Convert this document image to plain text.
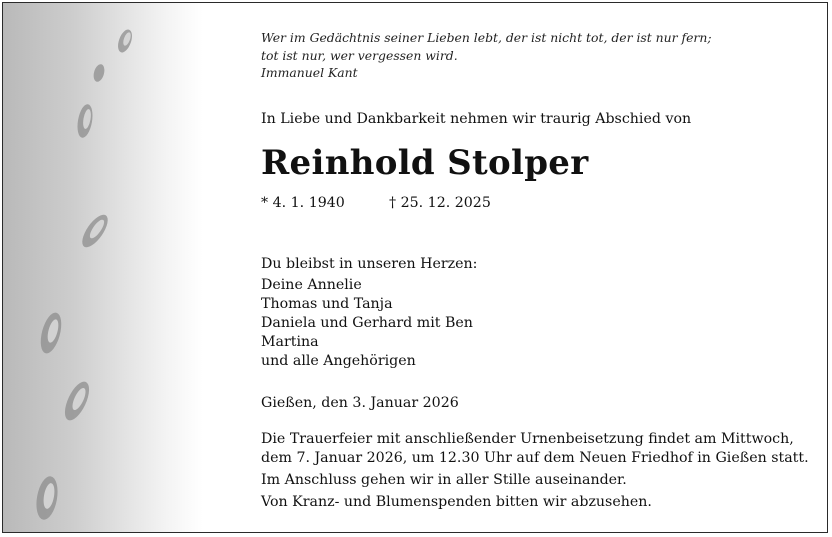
Wer im Gedächtnis seiner Lieben lebt, der ist nicht tot, der ist nur fern;
tot ist nur, wer vergessen wird.
Immanuel Kant
In Liebe und Dankbarkeit nehmen wir traurig Abschied von
Reinhold Stolper
* 4. 1. 1940	† 25. 12. 2025
Du bleibst in unseren Herzen:
Deine Annelie
Thomas und Tanja
Daniela und Gerhard mit Ben
Martina
und alle Angehörigen
Gießen, den 3. Januar 2026
Die Trauerfeier mit anschließender Urnenbeisetzung findet am Mittwoch,
dem 7. Januar 2026, um 12.30 Uhr auf dem Neuen Friedhof in Gießen statt.
Im Anschluss gehen wir in aller Stille auseinander.
Von Kranz- und Blumenspenden bitten wir abzusehen.
